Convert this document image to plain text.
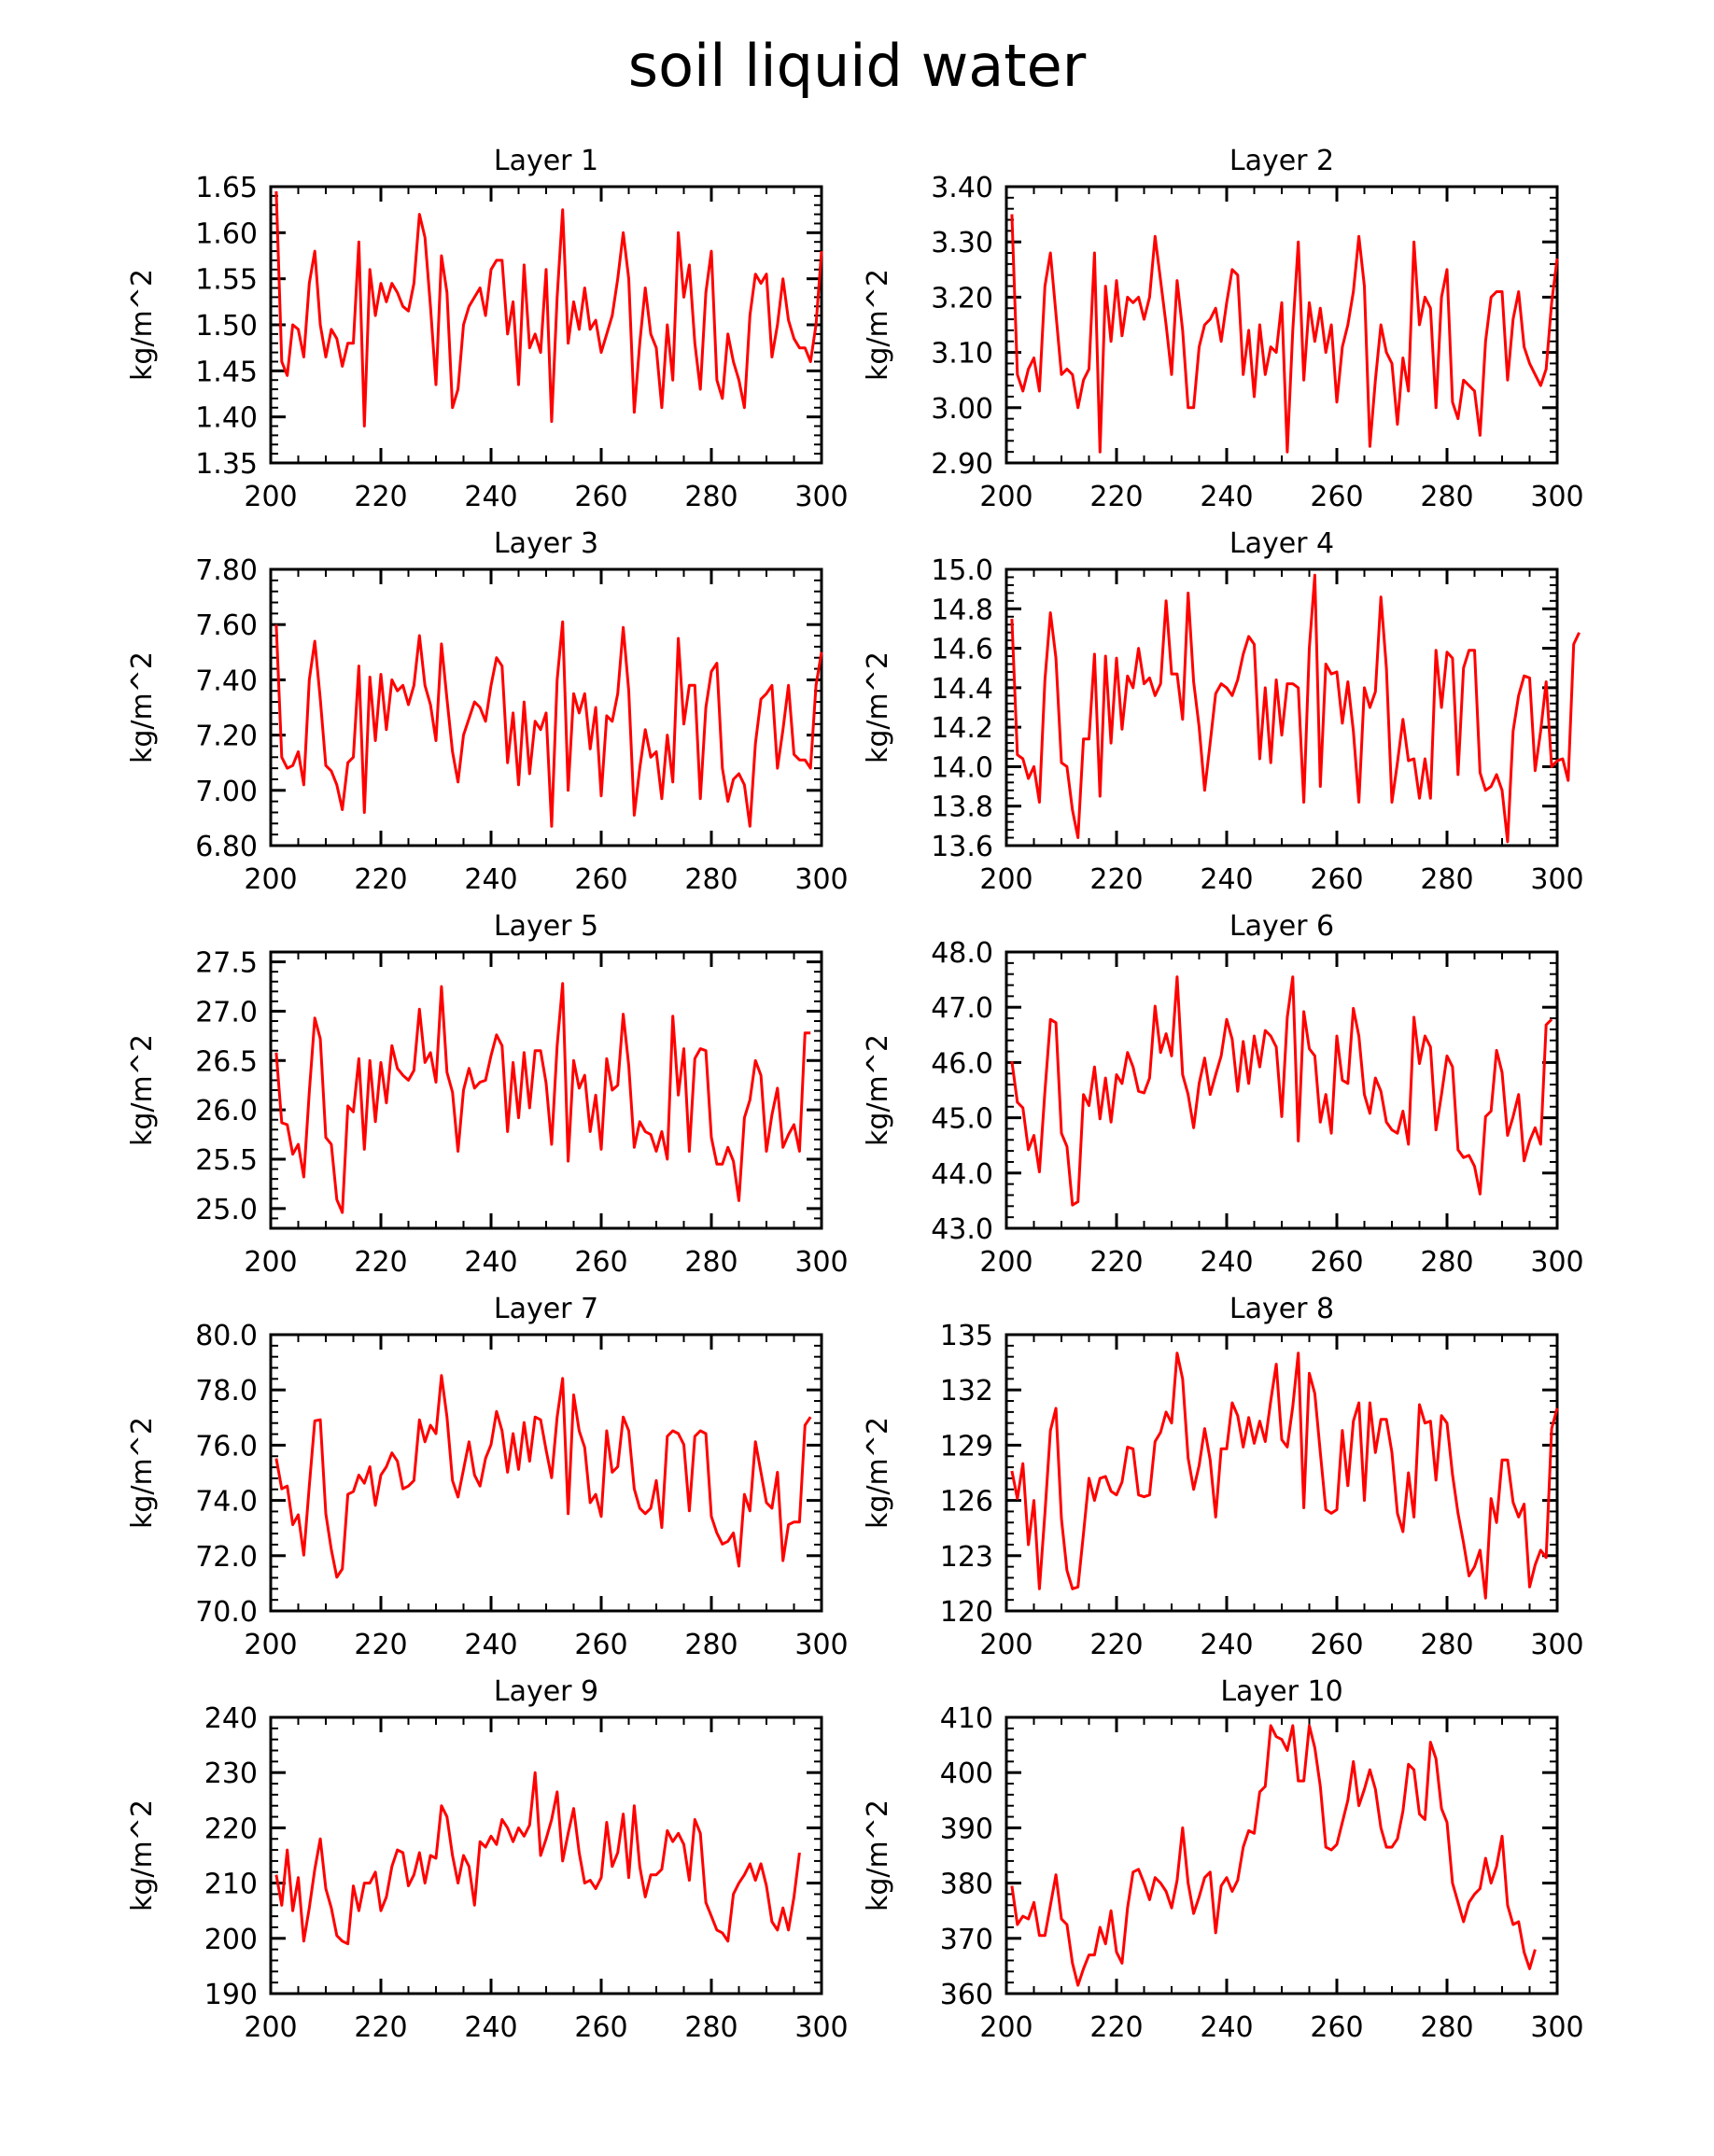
soil liquid water
Layer 1
kg/m^2
200 220 240 260 280 300
1.35
1.40
1.45
1.50
1.55
1.60
1.65
Layer 2
kg/m^2
200 220 240 260 280 300
2.90
3.00
3.10
3.20
3.30
3.40
Layer 3
kg/m^2
200 220 240 260 280 300
6.80
7.00
7.20
7.40
7.60
7.80
Layer 4
kg/m^2
200 220 240 260 280 300
13.6
13.8
14.0
14.2
14.4
14.6
14.8
15.0
Layer 5
kg/m^2
200 220 240 260 280 300
25.0
25.5
26.0
26.5
27.0
27.5
Layer 6
kg/m^2
200 220 240 260 280 300
43.0
44.0
45.0
46.0
47.0
48.0
Layer 7
kg/m^2
200 220 240 260 280 300
70.0
72.0
74.0
76.0
78.0
80.0
Layer 8
kg/m^2
200 220 240 260 280 300
120
123
126
129
132
135
Layer 9
kg/m^2
200 220 240 260 280 300
190
200
210
220
230
240
Layer 10
kg/m^2
200 220 240 260 280 300
360
370
380
390
400
410
